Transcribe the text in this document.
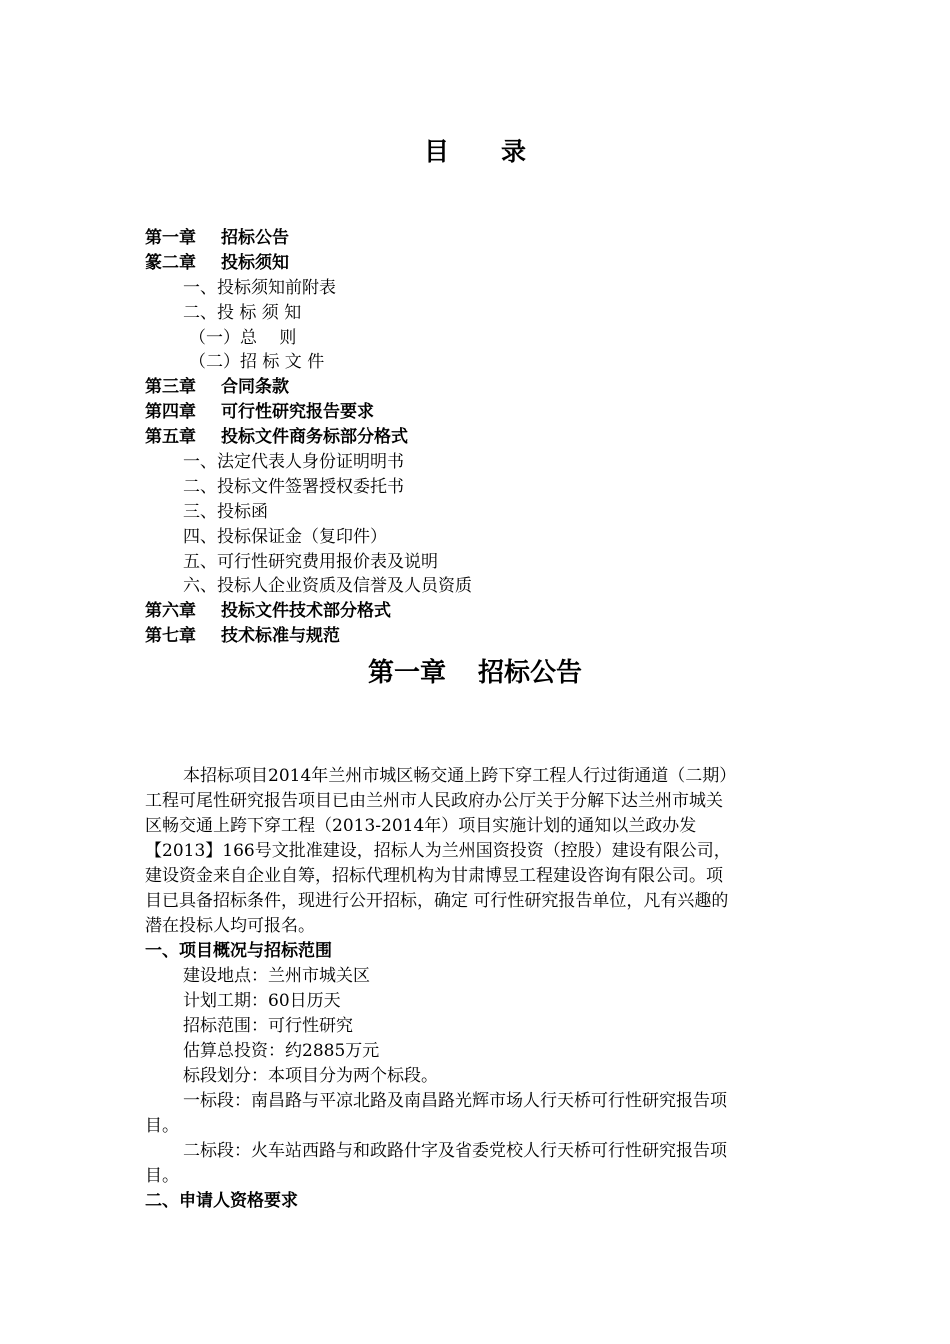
目 录
第一章 招标公告
篆二章 投标须知
一、投标须知前附表
二、投 标 须 知
（一）总　 则
（二）招 标 文 件
第三章 合同条款
第四章 可行性研究报告要求
第五章 投标文件商务标部分格式
一、法定代表人身份证明明书
二、投标文件签署授权委托书
三、投标函
四、投标保证金（复印件）
五、可行性研究费用报价表及说明
六、投标人企业资质及信誉及人员资质
第六章 投标文件技术部分格式
第七章 技术标准与规范
第一章 招标公告

本招标项目2014年兰州市城区畅交通上跨下穿工程人行过街通道（二期）
工程可尾性研究报告项目已由兰州市人民政府办公厅关于分解下达兰州市城关
区畅交通上跨下穿工程（2013-2014年）项目实施计划的通知以兰政办发
【2013】166号文批准建设，招标人为兰州国资投资（控股）建设有限公司，
建设资金来自企业自筹，招标代理机构为甘肃博昱工程建设咨询有限公司。项
目已具备招标条件，现进行公开招标，确定 可行性研究报告单位，凡有兴趣的
潜在投标人均可报名。

一、项目概况与招标范围

建设地点：兰州市城关区

计划工期：60日历天

招标范围：可行性研究

估算总投资：约2885万元

标段划分：本项目分为两个标段。

一标段：南昌路与平凉北路及南昌路光辉市场人行天桥可行性研究报告项

目。

二标段：火车站西路与和政路什字及省委党校人行天桥可行性研究报告项

目。

二、申请人资格要求
